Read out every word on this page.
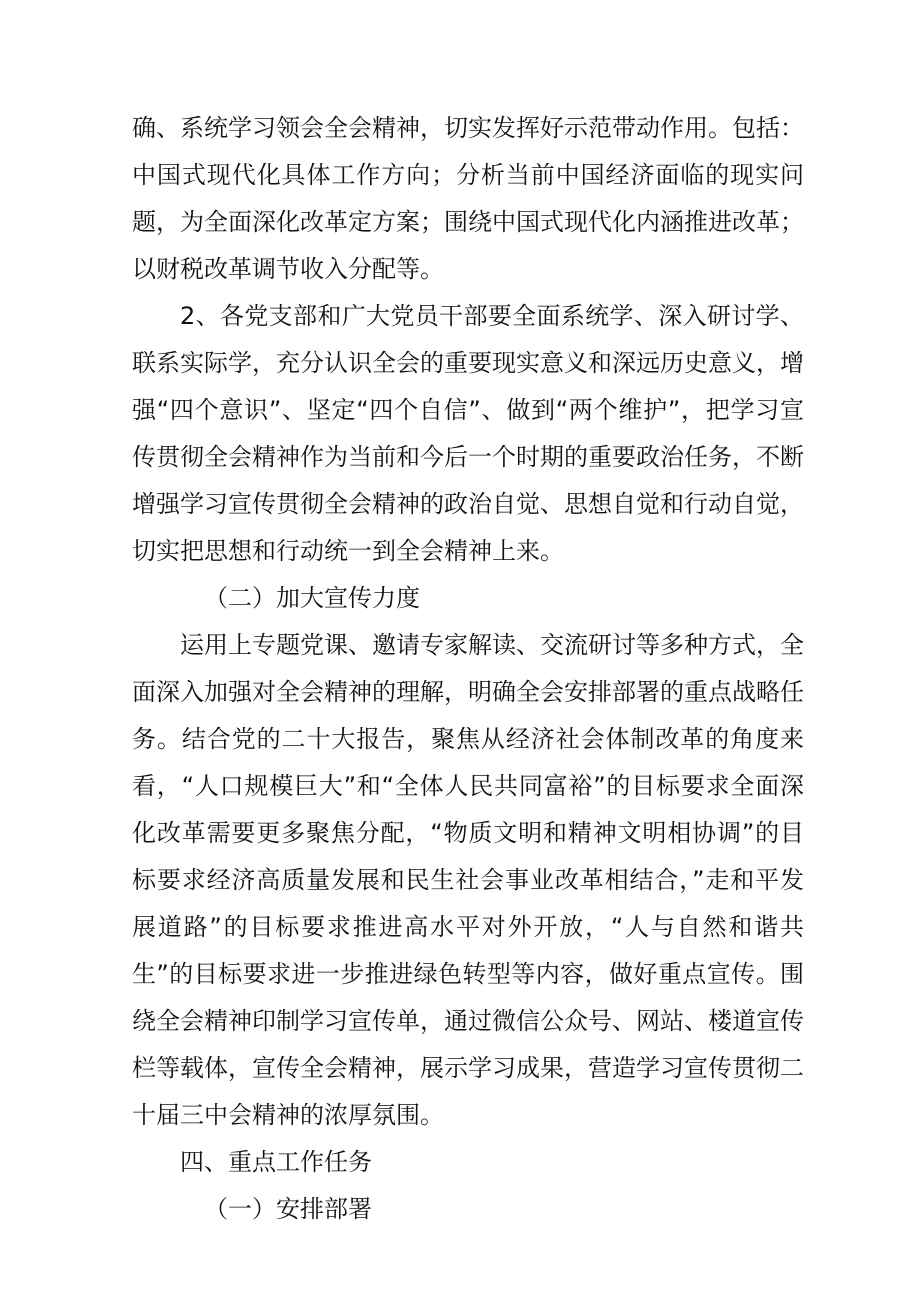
确、系统学习领会全会精神，切实发挥好示范带动作用。包括：中国式现代化具体工作方向；分析当前中国经济面临的现实问题，为全面深化改革定方案；围绕中国式现代化内涵推进改革；以财税改革调节收入分配等。

2、各党支部和广大党员干部要全面系统学、深入研讨学、联系实际学，充分认识全会的重要现实意义和深远历史意义，增强“四个意识”、坚定“四个自信”、做到“两个维护”，把学习宣传贯彻全会精神作为当前和今后一个时期的重要政治任务，不断增强学习宣传贯彻全会精神的政治自觉、思想自觉和行动自觉，切实把思想和行动统一到全会精神上来。

（二）加大宣传力度

运用上专题党课、邀请专家解读、交流研讨等多种方式，全面深入加强对全会精神的理解，明确全会安排部署的重点战略任务。结合党的二十大报告，聚焦从经济社会体制改革的角度来看，“人口规模巨大”和“全体人民共同富裕”的目标要求全面深化改革需要更多聚焦分配，“物质文明和精神文明相协调”的目标要求经济高质量发展和民生社会事业改革相结合，”走和平发展道路”的目标要求推进高水平对外开放，“人与自然和谐共生”的目标要求进一步推进绿色转型等内容，做好重点宣传。围绕全会精神印制学习宣传单，通过微信公众号、网站、楼道宣传栏等载体，宣传全会精神，展示学习成果，营造学习宣传贯彻二十届三中会精神的浓厚氛围。

四、重点工作任务

（一）安排部署
